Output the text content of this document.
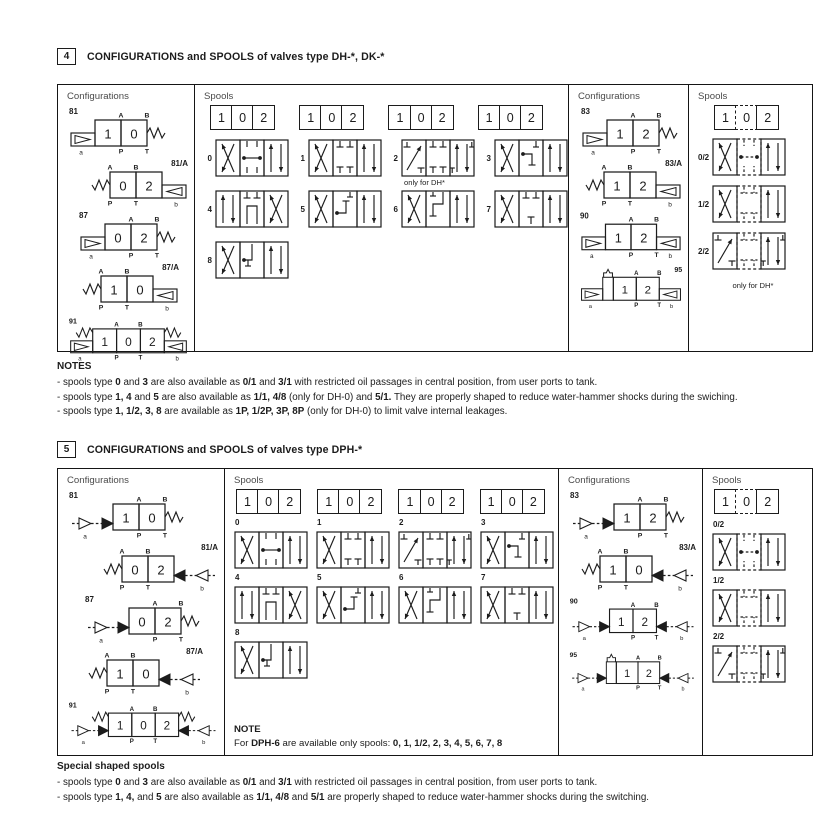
4	CONFIGURATIONS and SPOOLS of valves type DH-*, DK-*
Configurations
1 0
a
A	B
P	T
81
0 2
b
A	B
P	T
81/A
0 2
a
A	B
P	T
87
1 0
b
A	B
P	T
87/A
1 0 2
a	b
A	B
P	T
91
Spools
1	0	2	1	0	2	1	0	2	1	0	2
0	1	2
only for DH*
3
4	5	6	7
8
Configurations
1 2
a
A	B
P	T
83
1 2
b
A	B
P	T
83/A
1 2
a	b
A	B
P	T
90
1 2
a	b
A	B
P	T
95
Spools
1	0	2
0/2
1/2
2/2
only for DH*
NOTES
- spools type 0 and 3 are also available as 0/1 and 3/1 with restricted oil passages in central position, from user ports to tank.
- spools type 1, 4 and 5 are also available as 1/1, 4/8 (only for DH-0) and 5/1. They are properly shaped to reduce water-hammer shocks during the swiching.
- spools type 1, 1/2, 3, 8 are available as 1P, 1/2P, 3P, 8P (only for DH-0) to limit valve internal leakages.
5	CONFIGURATIONS and SPOOLS of valves type DPH-*
Configurations
1 0
a
A	B
P	T
81
0 2
b
A	B
P	T
81/A
0 2
a
A	B
P	T
87
1 0
b
A	B
P	T
87/A
1 0 2
a	b
A	B
P	T
91
Spools
1	0	2	1	0	2	1	0	2	1	0	2
0	1	2	3
4	5	6	7
8
NOTE
For DPH-6 are available only spools: 0, 1, 1/2, 2, 3, 4, 5, 6, 7, 8
Configurations
1 2
a
A	B
P	T
83
1 0
b
A	B
P	T
83/A
1 2
a	b
A	B
P	T
90
1 2
a	b
A	B
P	T
95
Spools
1	0	2
0/2
1/2
2/2
Special shaped spools
- spools type 0 and 3 are also available as 0/1 and 3/1 with restricted oil passages in central position, from user ports to tank.
- spools type 1, 4, and 5 are also available as 1/1, 4/8 and 5/1 are properly shaped to reduce water-hammer shocks during the switching.
